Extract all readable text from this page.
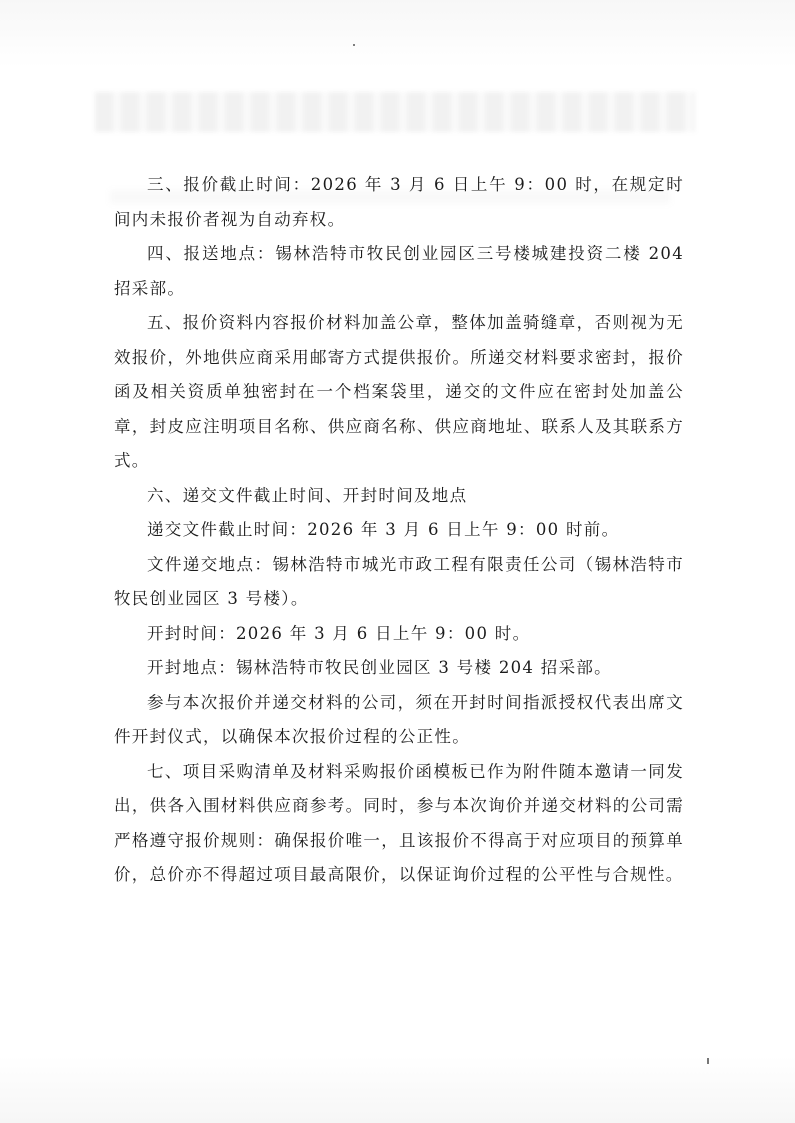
三、报价截止时间：2026 年 3 月 6 日上午 9：00 时，在规定时间内未报价者视为自动弃权。

四、报送地点：锡林浩特市牧民创业园区三号楼城建投资二楼 204 招采部。

五、报价资料内容报价材料加盖公章，整体加盖骑缝章，否则视为无效报价，外地供应商采用邮寄方式提供报价。所递交材料要求密封，报价函及相关资质单独密封在一个档案袋里，递交的文件应在密封处加盖公章，封皮应注明项目名称、供应商名称、供应商地址、联系人及其联系方式。

六、递交文件截止时间、开封时间及地点

递交文件截止时间：2026 年 3 月 6 日上午 9：00 时前。

文件递交地点：锡林浩特市城光市政工程有限责任公司（锡林浩特市牧民创业园区 3 号楼）。

开封时间：2026 年 3 月 6 日上午 9：00 时。

开封地点：锡林浩特市牧民创业园区 3 号楼 204 招采部。

参与本次报价并递交材料的公司，须在开封时间指派授权代表出席文件开封仪式，以确保本次报价过程的公正性。

七、项目采购清单及材料采购报价函模板已作为附件随本邀请一同发出，供各入围材料供应商参考。同时，参与本次询价并递交材料的公司需严格遵守报价规则：确保报价唯一，且该报价不得高于对应项目的预算单价，总价亦不得超过项目最高限价，以保证询价过程的公平性与合规性。
